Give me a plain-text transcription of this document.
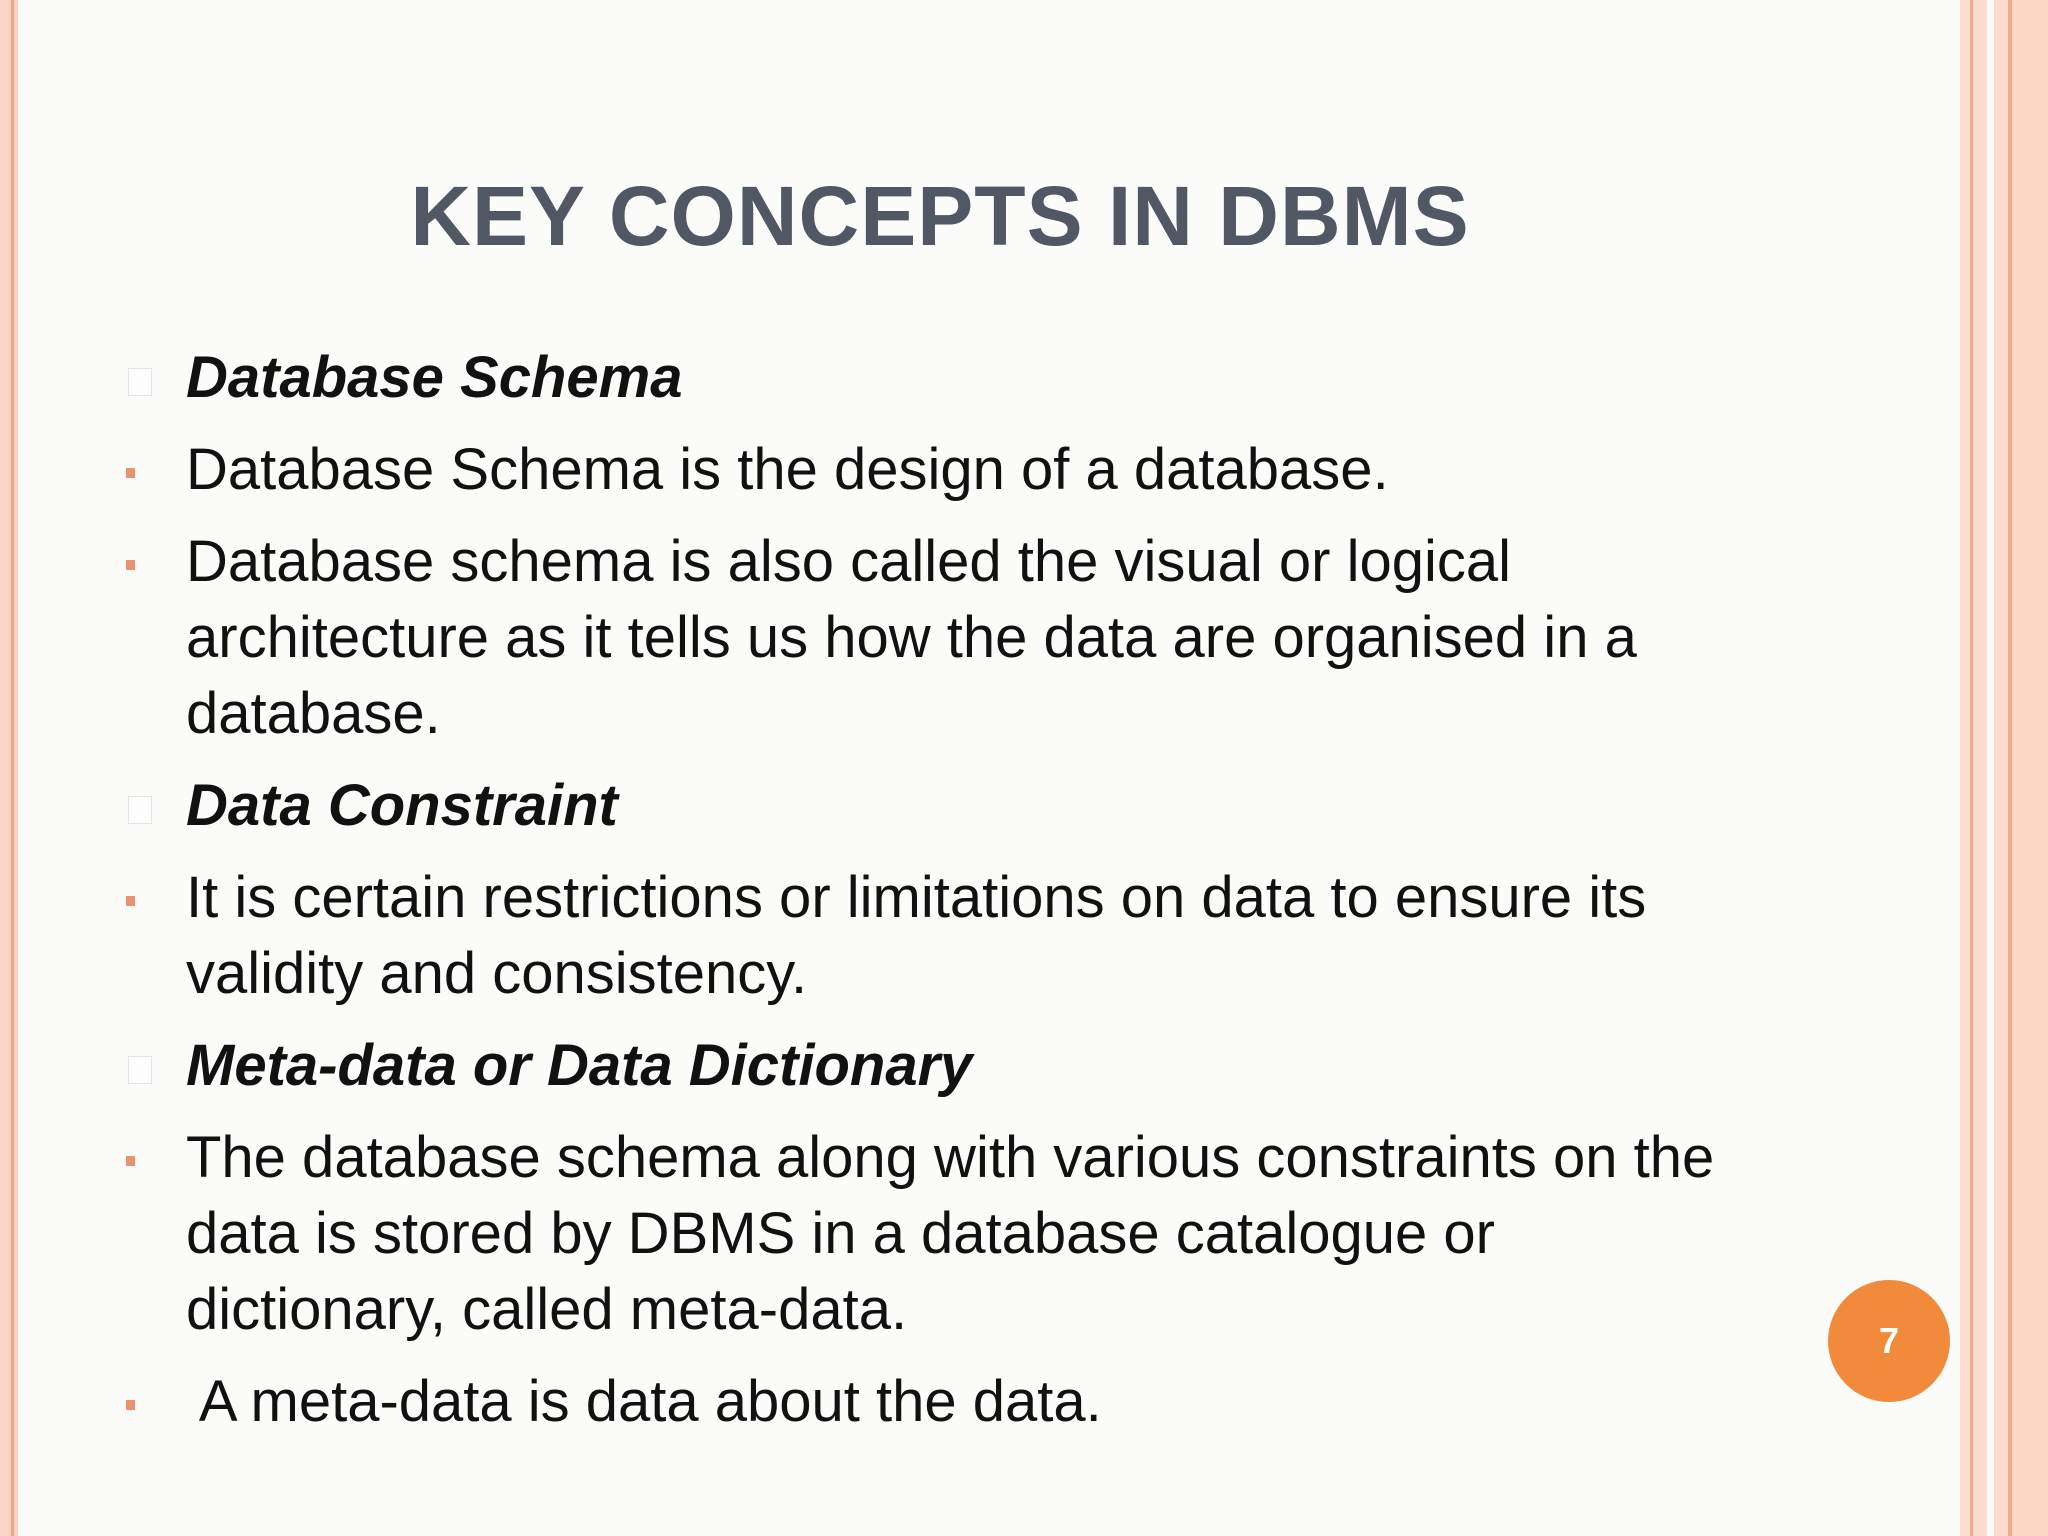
KEY CONCEPTS IN DBMS
Database Schema
Database Schema is the design of a database.
Database schema is also called the visual or logical architecture as it tells us how the data are organised in a database.
Data Constraint
It is certain restrictions or limitations on data to ensure its validity and consistency.
Meta-data or Data Dictionary
The database schema along with various constraints on the data is stored by DBMS in a database catalogue or dictionary, called meta-data.
A meta-data is data about the data.
7
